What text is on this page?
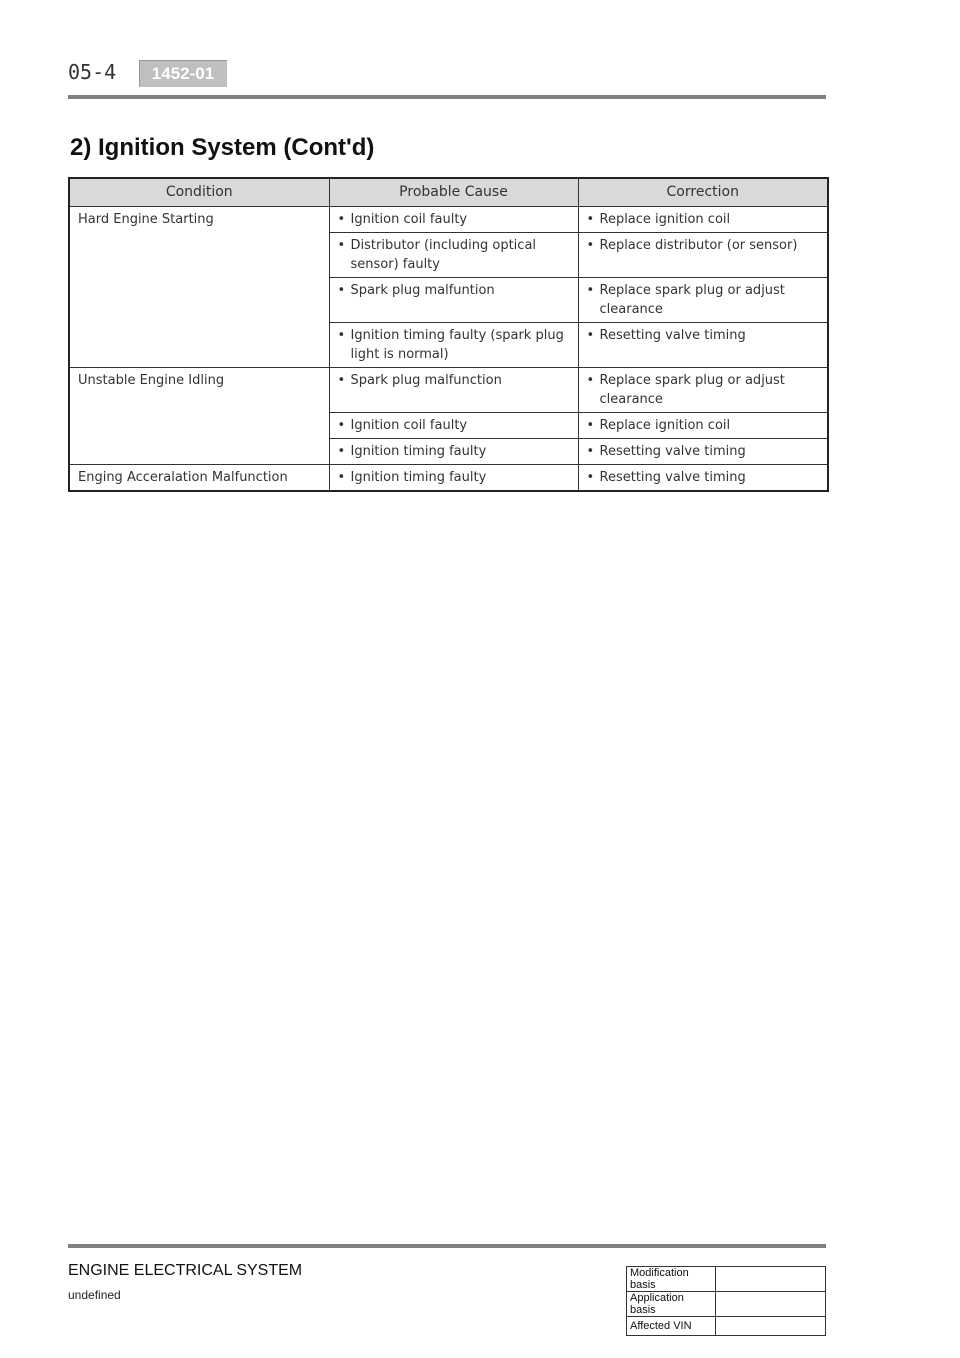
05-4	1452-01
2) Ignition System (Cont'd)
Condition	Probable Cause	Correction
Hard Engine Starting	• Ignition coil faulty	• Replace ignition coil

	• Distributor (including optical sensor) faulty	• Replace distributor (or sensor)

	• Spark plug malfuntion	• Replace spark plug or adjust clearance

	• Ignition timing faulty (spark plug light is normal)	• Resetting valve timing

Unstable Engine Idling	• Spark plug malfunction	• Replace spark plug or adjust clearance

	• Ignition coil faulty	• Replace ignition coil

	• Ignition timing faulty	• Resetting valve timing

Enging Acceralation Malfunction	• Ignition timing faulty	• Resetting valve timing
ENGINE ELECTRICAL SYSTEM
undefined
Modification basis	
Application basis	
Affected VIN	
